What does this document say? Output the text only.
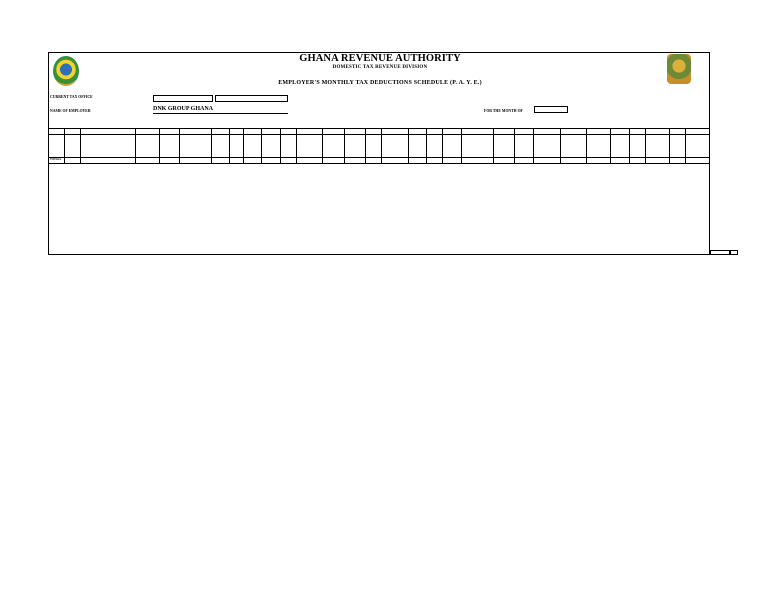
GHANA REVENUE AUTHORITY
DOMESTIC TAX REVENUE DIVISION
EMPLOYER'S MONTHLY TAX DEDUCTIONS SCHEDULE (P. A. Y. E.)
CURRENT TAX OFFICE
NAME OF EMPLOYER	DNK GROUP GHANA	FOR THE MONTH OF

TOTALS																													
